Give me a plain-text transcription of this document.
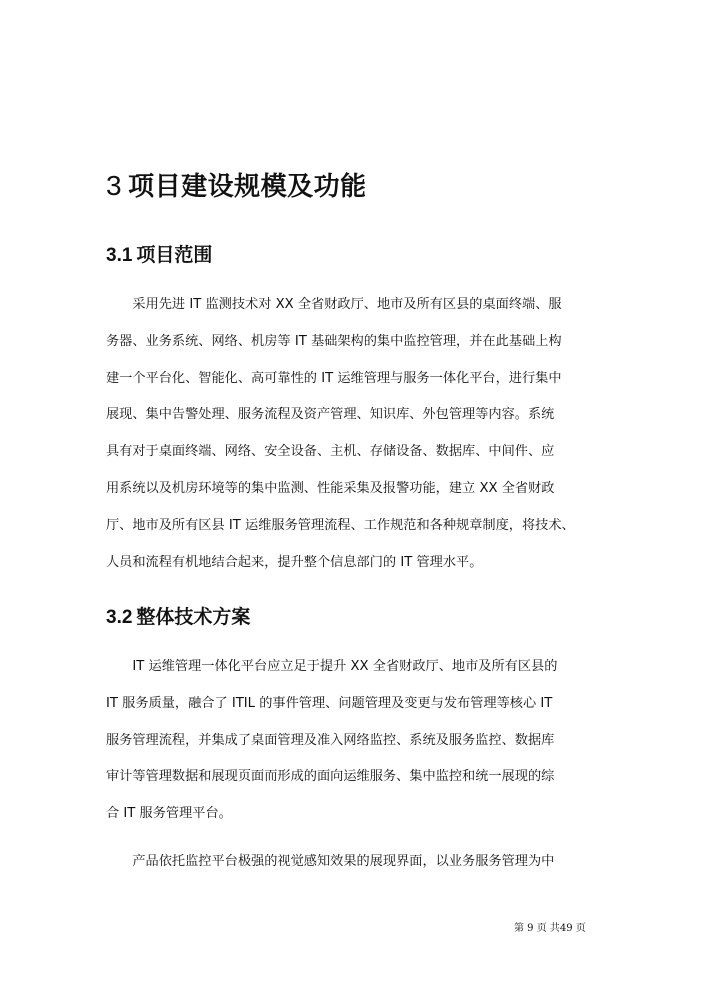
3 项目建设规模及功能
3.1 项目范围
　　采用先进 IT 监测技术对 XX 全省财政厅、地市及所有区县的桌面终端、服
务器、业务系统、网络、机房等 IT 基础架构的集中监控管理，并在此基础上构
建一个平台化、智能化、高可靠性的 IT 运维管理与服务一体化平台，进行集中
展现、集中告警处理、服务流程及资产管理、知识库、外包管理等内容。系统
具有对于桌面终端、网络、安全设备、主机、存储设备、数据库、中间件、应
用系统以及机房环境等的集中监测、性能采集及报警功能，建立 XX 全省财政
厅、地市及所有区县 IT 运维服务管理流程、工作规范和各种规章制度，将技术、
人员和流程有机地结合起来，提升整个信息部门的 IT 管理水平。
3.2 整体技术方案
　　IT 运维管理一体化平台应立足于提升 XX 全省财政厅、地市及所有区县的
IT 服务质量，融合了 ITIL 的事件管理、问题管理及变更与发布管理等核心 IT
服务管理流程，并集成了桌面管理及准入网络监控、系统及服务监控、数据库
审计等管理数据和展现页面而形成的面向运维服务、集中监控和统一展现的综
合 IT 服务管理平台。
　　产品依托监控平台极强的视觉感知效果的展现界面，以业务服务管理为中
第 9 页 共49 页
